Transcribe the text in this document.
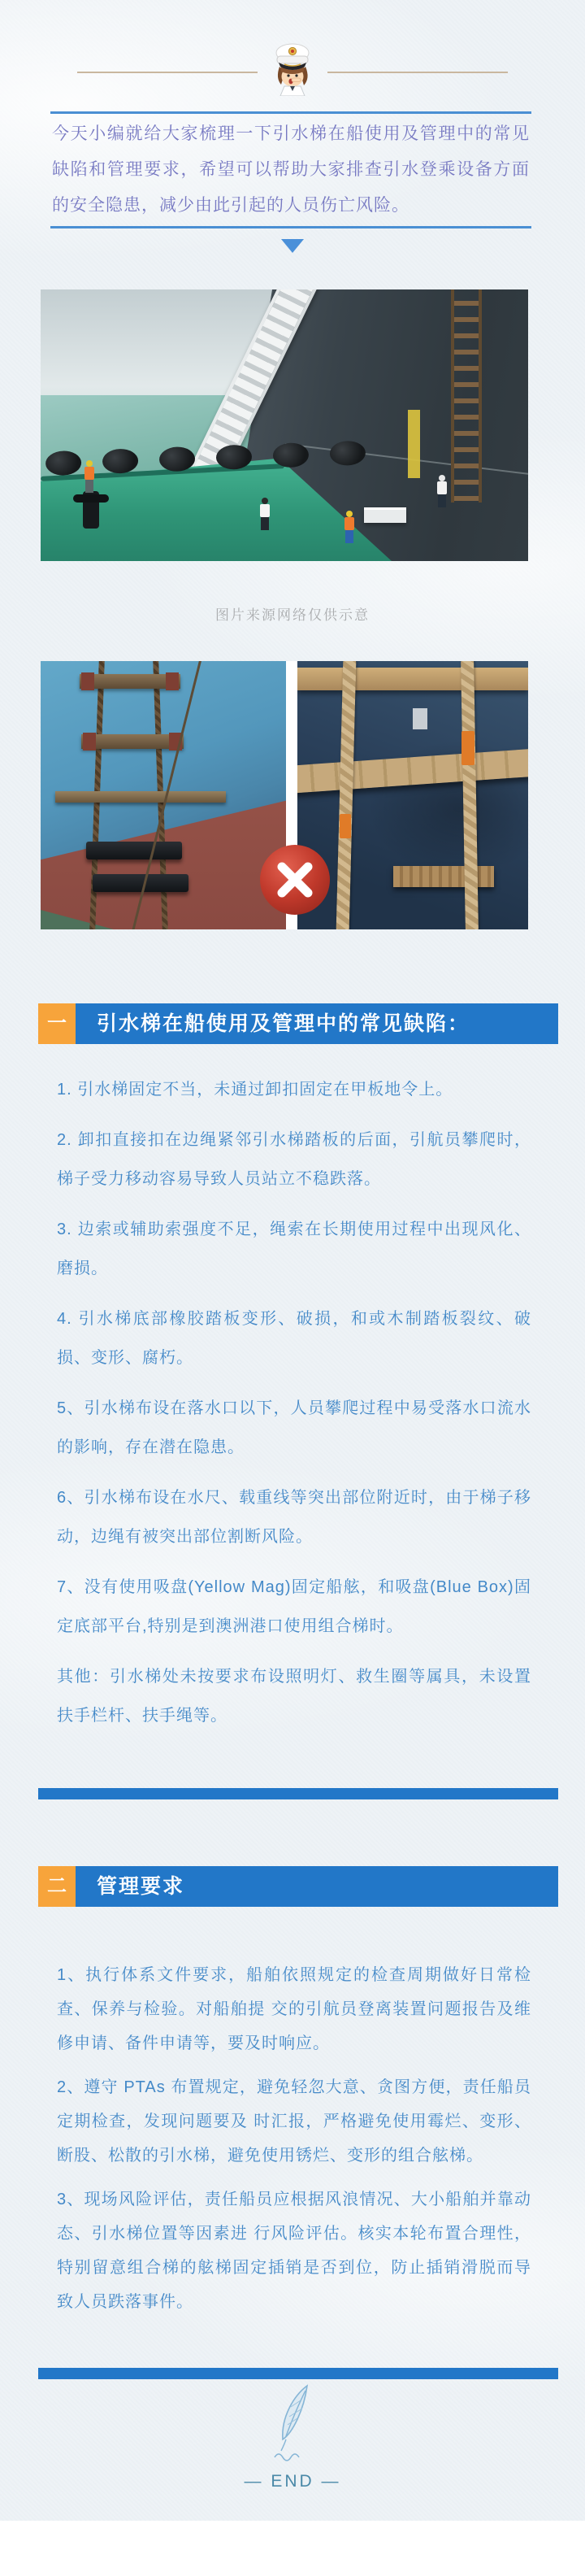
今天小编就给大家梳理一下引水梯在船使用及管理中的常见缺陷和管理要求，希望可以帮助大家排查引水登乘设备方面的安全隐患，减少由此引起的人员伤亡风险。

图片来源网络仅供示意
一	引水梯在船使用及管理中的常见缺陷：

1. 引水梯固定不当，未通过卸扣固定在甲板地令上。

2. 卸扣直接扣在边绳紧邻引水梯踏板的后面，引航员攀爬时，梯子受力移动容易导致人员站立不稳跌落。

3. 边索或辅助索强度不足，绳索在长期使用过程中出现风化、磨损。

4. 引水梯底部橡胶踏板变形、破损，和或木制踏板裂纹、破损、变形、腐朽。

5、引水梯布设在落水口以下，人员攀爬过程中易受落水口流水的影响，存在潜在隐患。

6、引水梯布设在水尺、载重线等突出部位附近时，由于梯子移动，边绳有被突出部位割断风险。

7、没有使用吸盘(Yellow Mag)固定船舷，和吸盘(Blue Box)固定底部平台,特别是到澳洲港口使用组合梯时。

其他：引水梯处未按要求布设照明灯、救生圈等属具，未设置扶手栏杆、扶手绳等。

二	管理要求

1、执行体系文件要求，船舶依照规定的检查周期做好日常检查、保养与检验。对船舶提 交的引航员登离装置问题报告及维修申请、备件申请等，要及时响应。

2、遵守 PTAs 布置规定，避免轻忽大意、贪图方便，责任船员定期检查，发现问题要及 时汇报，严格避免使用霉烂、变形、断股、松散的引水梯，避免使用锈烂、变形的组合舷梯。

3、现场风险评估，责任船员应根据风浪情况、大小船舶并靠动态、引水梯位置等因素进 行风险评估。核实本轮布置合理性，特别留意组合梯的舷梯固定插销是否到位，防止插销滑脱而导致人员跌落事件。

— END —
